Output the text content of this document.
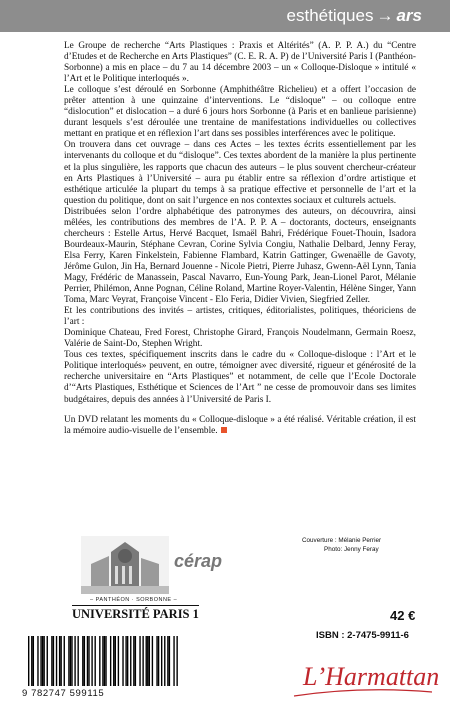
esthétiques → ars

Le Groupe de recherche “Arts Plastiques : Praxis et Altérités” (A. P. P. A.) du “Centre d’Etudes et de Recherche en Arts Plastiques” (C. E. R. A. P) de l’Université Paris I (Panthéon-Sorbonne) a mis en place – du 7 au 14 décembre 2003 – un « Colloque-Disloque » intitulé « l’Art et le Politique interloqués ».

Le colloque s’est déroulé en Sorbonne (Amphithéâtre Richelieu) et a offert l’occasion de prêter attention à une quinzaine d’interventions. Le “disloque” – ou colloque entre “dislocution” et dislocation – a duré 6 jours hors Sorbonne (à Paris et en banlieue parisienne) durant lesquels s’est déroulée une trentaine de manifestations individuelles ou collectives mettant en pratique et en réflexion l’art dans ses possibles interférences avec le politique.

On trouvera dans cet ouvrage – dans ces Actes – les textes écrits essentiellement par les intervenants du colloque et du “disloque”. Ces textes abordent de la manière la plus pertinente et la plus singulière, les rapports que chacun des auteurs – le plus souvent chercheur-créateur en Arts Plastiques à l’Université – aura pu établir entre sa réflexion d’ordre artistique et esthétique articulée la plupart du temps à sa pratique effective et personnelle de l’art et la question du politique, dont on sait l’urgence en nos contextes sociaux et culturels actuels.

Distribuées selon l’ordre alphabétique des patronymes des auteurs, on découvrira, ainsi mêlées, les contributions des membres de l’A. P. P. A – doctorants, docteurs, enseignants chercheurs : Estelle Artus, Hervé Bacquet, Ismaël Bahri, Frédérique Fouet-Thouin, Isadora Bourdeaux-Maurin, Stéphane Cevran, Corine Sylvia Congiu, Nathalie Delbard, Jenny Feray, Elsa Ferry, Karen Finkelstein, Fabienne Flambard, Katrin Gattinger, Gwenaëlle de Gavoty, Jérôme Gulon, Jin Ha, Bernard Jouenne - Nicole Pietri, Pierre Juhasz, Gwenn-Aël Lynn, Tania Magy, Frédéric de Manassein, Pascal Navarro, Eun-Young Park, Jean-Lionel Parot, Mélanie Perrier, Philémon, Anne Pognan, Céline Roland, Martine Royer-Valentin, Hélène Singer, Yann Toma, Marc Veyrat, Françoise Vincent - Elo Feria, Didier Vivien, Siegfried Zeller.

Et les contributions des invités – artistes, critiques, éditorialistes, politiques, théoriciens de l’art :

Dominique Chateau, Fred Forest, Christophe Girard, François Noudelmann, Germain Roesz, Valérie de Saint-Do, Stephen Wright.

Tous ces textes, spécifiquement inscrits dans le cadre du « Colloque-disloque : l’Art et le Politique interloqués» peuvent, en outre, témoigner avec diversité, rigueur et générosité de la recherche universitaire en “Arts Plastiques” et notamment, de celle que l’Ecole Doctorale d’“Arts Plastiques, Esthétique et Sciences de l’Art ” ne cesse de promouvoir dans ses limites budgétaires, depuis des années à l’Université de Paris I.

Un DVD relatant les moments du « Colloque-disloque » a été réalisé. Véritable création, il est la mémoire audio-visuelle de l’ensemble.

Couverture : Mélanie Perrier
Photo: Jenny Feray
cérap
– PANTHÉON · SORBONNE –
UNIVERSITÉ PARIS 1	42 €
ISBN : 2-7475-9911-6
9 782747 599115
L’Harmattan
